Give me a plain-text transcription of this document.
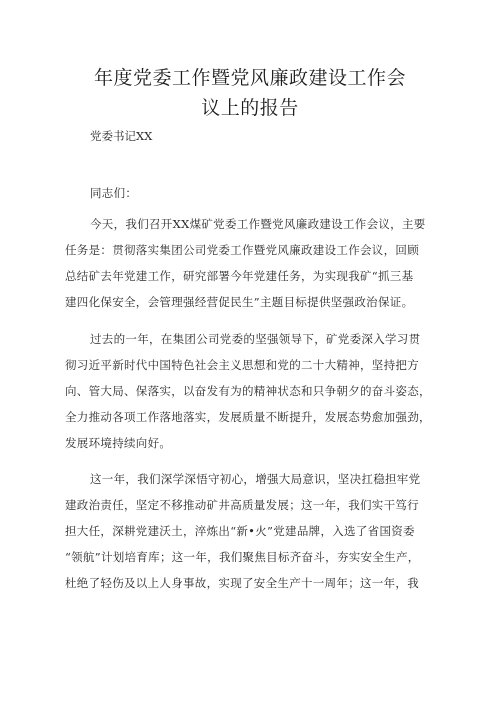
年度党委工作暨党风廉政建设工作会
议上的报告
党委书记XX
同志们：
今天，我们召开XX煤矿党委工作暨党风廉政建设工作会议，主要
任务是：贯彻落实集团公司党委工作暨党风廉政建设工作会议，回顾
总结矿去年党建工作，研究部署今年党建任务，为实现我矿“抓三基
建四化保安全，会管理强经营促民生”主题目标提供坚强政治保证。
过去的一年，在集团公司党委的坚强领导下，矿党委深入学习贯
彻习近平新时代中国特色社会主义思想和党的二十大精神，坚持把方
向、管大局、保落实，以奋发有为的精神状态和只争朝夕的奋斗姿态，
全力推动各项工作落地落实，发展质量不断提升，发展态势愈加强劲，
发展环境持续向好。
这一年，我们深学深悟守初心，增强大局意识，坚决扛稳担牢党
建政治责任，坚定不移推动矿井高质量发展；这一年，我们实干笃行
担大任，深耕党建沃土，淬炼出“新•火”党建品牌，入选了省国资委
“领航”计划培育库；这一年，我们聚焦目标齐奋斗，夯实安全生产，
杜绝了轻伤及以上人身事故，实现了安全生产十一周年；这一年，我
